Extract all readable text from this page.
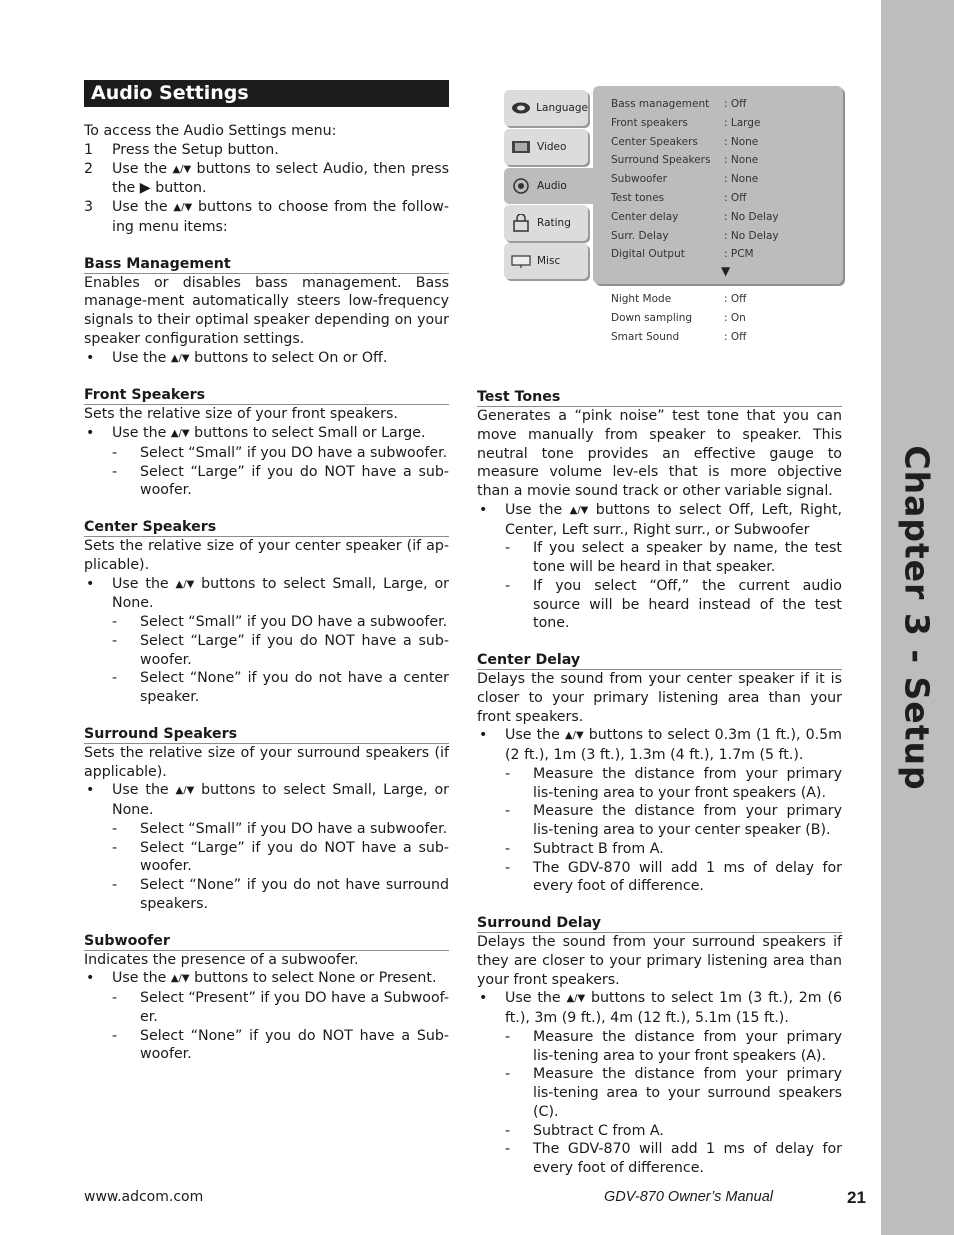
Chapter 3 - Setup
Audio Settings

To access the Audio Settings menu:

1	Press the Setup button.
2	Use the ▲/▼ buttons to select Audio, then press the ▶ button.
3	Use the ▲/▼ buttons to choose from the follow-ing menu items:
Bass Management

Enables or disables bass management. Bass manage-ment automatically steers low-frequency signals to their optimal speaker depending on your speaker configuration settings.

•	Use the ▲/▼ buttons to select On or Off.
Front Speakers

Sets the relative size of your front speakers.

•	Use the ▲/▼ buttons to select Small or Large.
-	Select “Small” if you DO have a subwoofer.
-	Select “Large” if you do NOT have a sub-woofer.
Center Speakers

Sets the relative size of your center speaker (if ap-plicable).

•	Use the ▲/▼ buttons to select Small, Large, or None.
-	Select “Small” if you DO have a subwoofer.
-	Select “Large” if you do NOT have a sub-woofer.
-	Select “None” if you do not have a center speaker.
Surround Speakers

Sets the relative size of your surround speakers (if applicable).

•	Use the ▲/▼ buttons to select Small, Large, or None.
-	Select “Small” if you DO have a subwoofer.
-	Select “Large” if you do NOT have a sub-woofer.
-	Select “None” if you do not have surround speakers.
Subwoofer

Indicates the presence of a subwoofer.

•	Use the ▲/▼ buttons to select None or Present.
-	Select “Present” if you DO have a Subwoof-er.
-	Select “None” if you do NOT have a Sub-woofer.
Language
Video
Audio
Rating
Misc
Bass management	: Off
Front speakers	: Large
Center Speakers	: None
Surround Speakers	: None
Subwoofer	: None
Test tones	: Off
Center delay	: No Delay
Surr. Delay	: No Delay
Digital Output	: PCM
▼
Night Mode	: Off
Down sampling	: On
Smart Sound	: Off
Test Tones

Generates a “pink noise” test tone that you can move manually from speaker to speaker. This neutral tone provides an effective gauge to measure volume lev-els that is more objective than a movie sound track or other variable signal.

•	Use the ▲/▼ buttons to select Off, Left, Right, Center, Left surr., Right surr., or Subwoofer
-	If you select a speaker by name, the test tone will be heard in that speaker.
-	If you select “Off,” the current audio source will be heard instead of the test tone.
Center Delay

Delays the sound from your center speaker if it is closer to your primary listening area than your front speakers.

•	Use the ▲/▼ buttons to select 0.3m (1 ft.), 0.5m (2 ft.), 1m (3 ft.), 1.3m (4 ft.), 1.7m (5 ft.).
-	Measure the distance from your primary lis-tening area to your front speakers (A).
-	Measure the distance from your primary lis-tening area to your center speaker (B).
-	Subtract B from A.
-	The GDV-870 will add 1 ms of delay for every foot of difference.
Surround Delay

Delays the sound from your surround speakers if they are closer to your primary listening area than your front speakers.

•	Use the ▲/▼ buttons to select 1m (3 ft.), 2m (6 ft.), 3m (9 ft.), 4m (12 ft.), 5.1m (15 ft.).
-	Measure the distance from your primary lis-tening area to your front speakers (A).
-	Measure the distance from your primary lis-tening area to your surround speakers (C).
-	Subtract C from A.
-	The GDV-870 will add 1 ms of delay for every foot of difference.
www.adcom.com	GDV-870 Owner’s Manual	21
